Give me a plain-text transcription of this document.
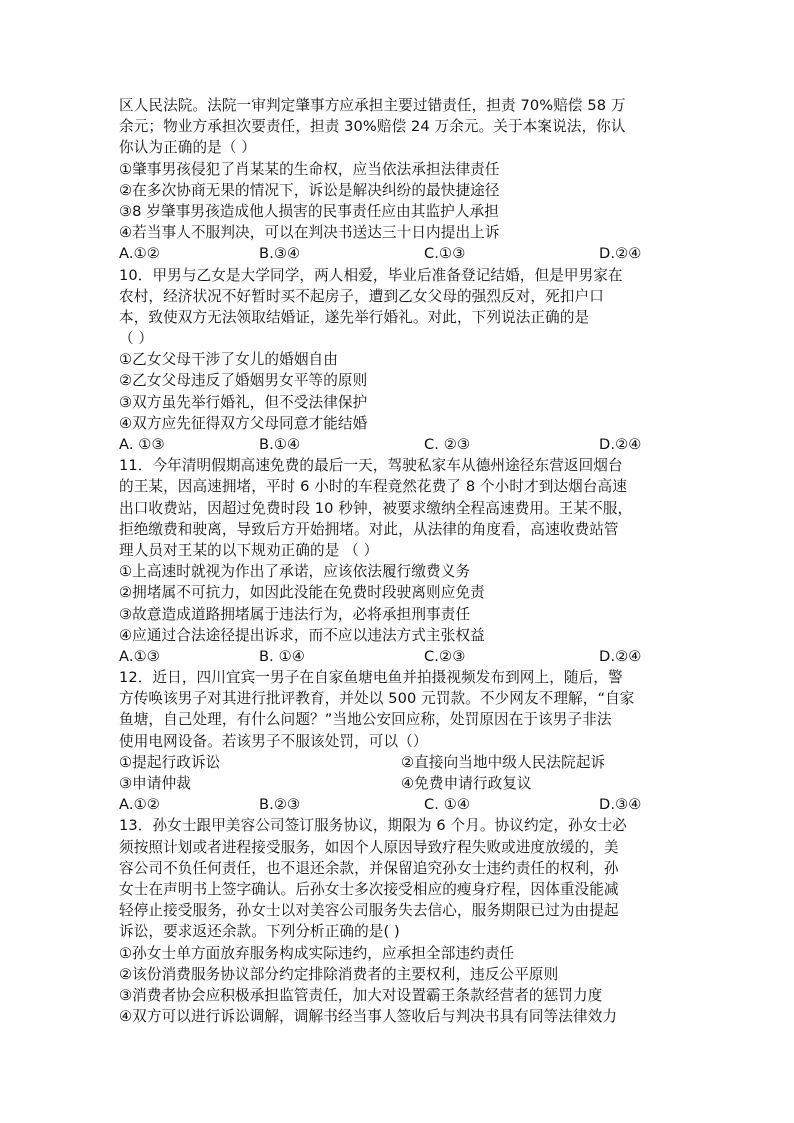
区人民法院。法院一审判定肇事方应承担主要过错责任，担责 70%赔偿 58 万
余元；物业方承担次要责任，担责 30%赔偿 24 万余元。关于本案说法，你认
你认为正确的是（ ）
①肇事男孩侵犯了肖某某的生命权，应当依法承担法律责任
②在多次协商无果的情况下，诉讼是解决纠纷的最快捷途径
③8 岁肇事男孩造成他人损害的民事责任应由其监护人承担
④若当事人不服判决，可以在判决书送达三十日内提出上诉
A.①②	B.③④	C.①③	D.②④
10．甲男与乙女是大学同学，两人相爱，毕业后准备登记结婚，但是甲男家在
农村，经济状况不好暂时买不起房子，遭到乙女父母的强烈反对，死扣户口
本，致使双方无法领取结婚证，遂先举行婚礼。对此，下列说法正确的是
（ ）
①乙女父母干涉了女儿的婚姻自由
②乙女父母违反了婚姻男女平等的原则
③双方虽先举行婚礼，但不受法律保护
④双方应先征得双方父母同意才能结婚
A. ①③	B.①④	C. ②③	D.②④
11．今年清明假期高速免费的最后一天，驾驶私家车从德州途径东营返回烟台
的王某，因高速拥堵，平时 6 小时的车程竟然花费了 8 个小时才到达烟台高速
出口收费站，因超过免费时段 10 秒钟，被要求缴纳全程高速费用。王某不服，
拒绝缴费和驶离，导致后方开始拥堵。对此，从法律的角度看，高速收费站管
理人员对王某的以下规劝正确的是 （ ）
①上高速时就视为作出了承诺，应该依法履行缴费义务
②拥堵属不可抗力，如因此没能在免费时段驶离则应免责
③故意造成道路拥堵属于违法行为，必将承担刑事责任
④应通过合法途径提出诉求，而不应以违法方式主张权益
A.①③	B. ①④	C.②③	D.②④
12．近日，四川宜宾一男子在自家鱼塘电鱼并拍摄视频发布到网上，随后，警
方传唤该男子对其进行批评教育，并处以 500 元罚款。不少网友不理解，“自家
鱼塘，自己处理，有什么问题？”当地公安回应称，处罚原因在于该男子非法
使用电网设备。若该男子不服该处罚，可以（）
①提起行政诉讼	②直接向当地中级人民法院起诉
③申请仲裁	④免费申请行政复议
A.①②	B.②③	C. ①④	D.③④
13．孙女士跟甲美容公司签订服务协议，期限为 6 个月。协议约定，孙女士必
须按照计划或者进程接受服务，如因个人原因导致疗程失败或进度放缓的，美
容公司不负任何责任，也不退还余款，并保留追究孙女士违约责任的权利，孙
女士在声明书上签字确认。后孙女士多次接受相应的瘦身疗程，因体重没能减
轻停止接受服务，孙女士以对美容公司服务失去信心，服务期限已过为由提起
诉讼，要求返还余款。下列分析正确的是( )
①孙女士单方面放弃服务构成实际违约，应承担全部违约责任
②该份消费服务协议部分约定排除消费者的主要权利，违反公平原则
③消费者协会应积极承担监管责任，加大对设置霸王条款经营者的惩罚力度
④双方可以进行诉讼调解，调解书经当事人签收后与判决书具有同等法律效力
